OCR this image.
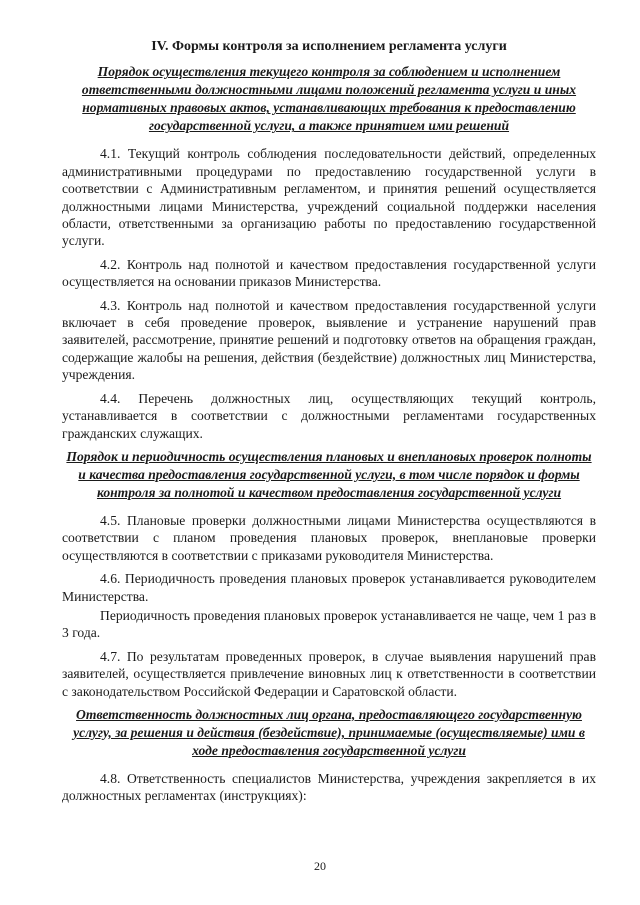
IV. Формы контроля за исполнением регламента услуги
Порядок осуществления текущего контроля за соблюдением и исполнением ответственными должностными лицами положений регламента услуги и иных нормативных правовых актов, устанавливающих требования к предоставлению государственной услуги, а также принятием ими решений

4.1. Текущий контроль соблюдения последовательности действий, определенных административными процедурами по предоставлению государственной услуги в соответствии с Административным регламентом, и принятия решений осуществляется должностными лицами Министерства, учреждений социальной поддержки населения области, ответственными за организацию работы по предоставлению государственной услуги.

4.2. Контроль над полнотой и качеством предоставления государственной услуги осуществляется на основании приказов Министерства.

4.3. Контроль над полнотой и качеством предоставления государственной услуги включает в себя проведение проверок, выявление и устранение нарушений прав заявителей, рассмотрение, принятие решений и подготовку ответов на обращения граждан, содержащие жалобы на решения, действия (бездействие) должностных лиц Министерства, учреждения.

4.4. Перечень должностных лиц, осуществляющих текущий контроль, устанавливается в соответствии с должностными регламентами государственных гражданских служащих.

Порядок и периодичность осуществления плановых и внеплановых проверок полноты и качества предоставления государственной услуги, в том числе порядок и формы контроля за полнотой и качеством предоставления государственной услуги

4.5. Плановые проверки должностными лицами Министерства осуществляются в соответствии с планом проведения плановых проверок, внеплановые проверки осуществляются в соответствии с приказами руководителя Министерства.

4.6. Периодичность проведения плановых проверок устанавливается руководителем Министерства.

Периодичность проведения плановых проверок устанавливается не чаще, чем 1 раз в 3 года.

4.7. По результатам проведенных проверок, в случае выявления нарушений прав заявителей, осуществляется привлечение виновных лиц к ответственности в соответствии с законодательством Российской Федерации и Саратовской области.

Ответственность должностных лиц органа, предоставляющего государственную услугу, за решения и действия (бездействие), принимаемые (осуществляемые) ими в ходе предоставления государственной услуги

4.8. Ответственность специалистов Министерства, учреждения закрепляется в их должностных регламентах (инструкциях):

20
